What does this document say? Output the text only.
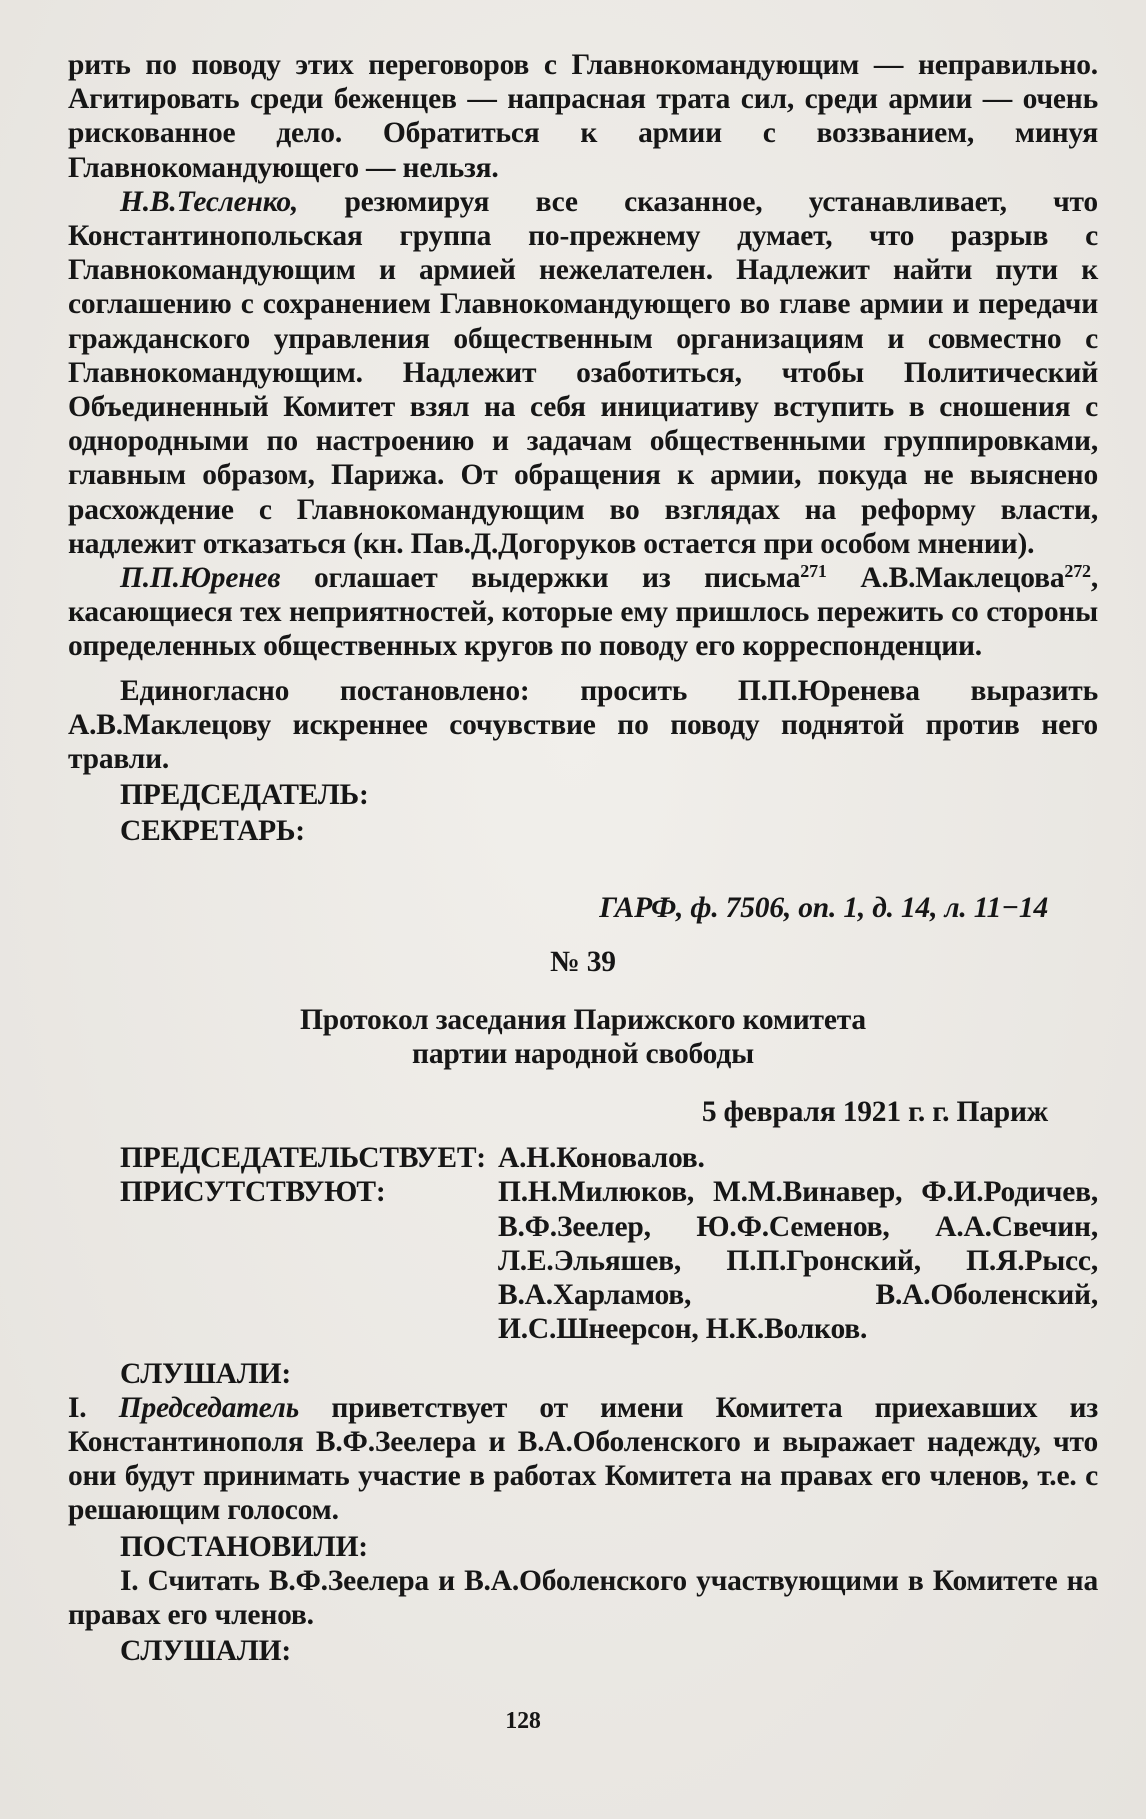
рить по поводу этих переговоров с Главнокомандующим — неправильно. Агитировать среди беженцев — напрасная трата сил, среди армии — очень рискованное дело. Обратиться к армии с воззванием, минуя Главнокомандующего — нельзя.

Н.В.Тесленко, резюмируя все сказанное, устанавливает, что Константинопольская группа по-прежнему думает, что разрыв с Главнокомандующим и армией нежелателен. Надлежит найти пути к соглашению с сохранением Главнокомандующего во главе армии и передачи гражданского управления общественным организациям и совместно с Главнокомандующим. Надлежит озаботиться, чтобы Политический Объединенный Комитет взял на себя инициативу вступить в сношения с однородными по настроению и задачам общественными группировками, главным образом, Парижа. От обращения к армии, покуда не выяснено расхождение с Главнокомандующим во взглядах на реформу власти, надлежит отказаться (кн. Пав.Д.Догоруков остается при особом мнении).

П.П.Юренев оглашает выдержки из письма$^{271}$ А.В.Маклецова$^{272}$, касающиеся тех неприятностей, которые ему пришлось пережить со стороны определенных общественных кругов по поводу его корреспонденции.

Единогласно постановлено: просить П.П.Юренева выразить А.В.Маклецову искреннее сочувствие по поводу поднятой против него травли.

ПРЕДСЕДАТЕЛЬ:
СЕКРЕТАРЬ:
ГАРФ, ф. 7506, оп. 1, д. 14, л. 11−14
№ 39
Протокол заседания Парижского комитета
партии народной свободы
5 февраля 1921 г. г. Париж
ПРЕДСЕДАТЕЛЬСТВУЕТ: А.Н.Коновалов.
ПРИСУТСТВУЮТ:	П.Н.Милюков, М.М.Винавер, Ф.И.Родичев, В.Ф.Зеелер, Ю.Ф.Семенов, А.А.Свечин, Л.Е.Эльяшев, П.П.Гронский, П.Я.Рысс, В.А.Харламов, В.А.Оболенский, И.С.Шнеерсон, Н.К.Волков.
СЛУШАЛИ:

I. Председатель приветствует от имени Комитета приехавших из Константинополя В.Ф.Зеелера и В.А.Оболенского и выражает надежду, что они будут принимать участие в работах Комитета на правах его членов, т.е. с решающим голосом.

ПОСТАНОВИЛИ:

I. Считать В.Ф.Зеелера и В.А.Оболенского участвующими в Комитете на правах его членов.

СЛУШАЛИ:
128
